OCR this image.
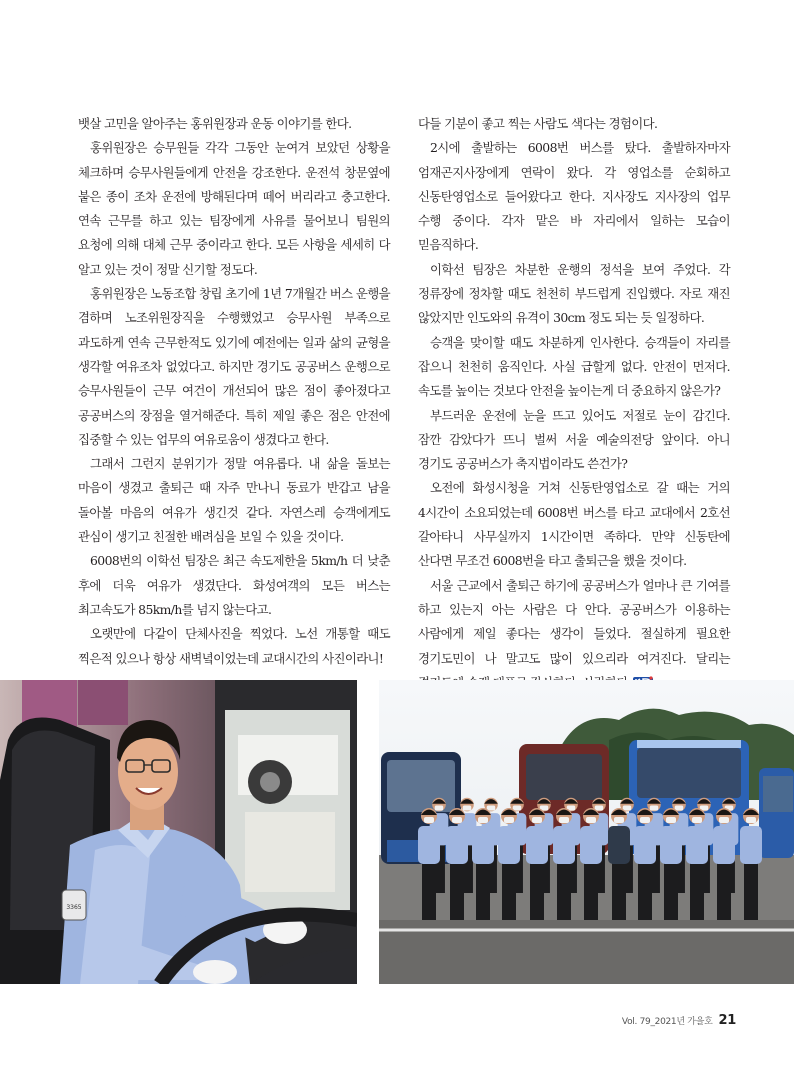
뱃살 고민을 알아주는 홍위원장과 운동 이야기를 한다.

홍위원장은 승무원들 각각 그동안 눈여겨 보았던 상황을 체크하며 승무사원들에게 안전을 강조한다. 운전석 창문옆에 붙은 종이 조차 운전에 방해된다며 떼어 버리라고 충고한다. 연속 근무를 하고 있는 팀장에게 사유를 물어보니 팀원의 요청에 의해 대체 근무 중이라고 한다. 모든 사항을 세세히 다 알고 있는 것이 정말 신기할 정도다.

홍위원장은 노동조합 창립 초기에 1년 7개월간 버스 운행을 겸하며 노조위원장직을 수행했었고 승무사원 부족으로 과도하게 연속 근무한적도 있기에 예전에는 일과 삶의 균형을 생각할 여유조차 없었다고. 하지만 경기도 공공버스 운행으로 승무사원들이 근무 여건이 개선되어 많은 점이 좋아졌다고 공공버스의 장점을 열거해준다. 특히 제일 좋은 점은 안전에 집중할 수 있는 업무의 여유로움이 생겼다고 한다.

그래서 그런지 분위기가 정말 여유롭다. 내 삶을 돌보는 마음이 생겼고 출퇴근 때 자주 만나니 동료가 반갑고 남을 돌아볼 마음의 여유가 생긴것 같다. 자연스레 승객에게도 관심이 생기고 친절한 배려심을 보일 수 있을 것이다.

6008번의 이학선 팀장은 최근 속도제한을 5km/h 더 낮춘 후에 더욱 여유가 생겼단다. 화성여객의 모든 버스는 최고속도가 85km/h를 넘지 않는다고.

오랫만에 다같이 단체사진을 찍었다. 노선 개통할 때도 찍은적 있으나 항상 새벽녘이었는데 교대시간의 사진이라니!

다들 기분이 좋고 찍는 사람도 색다는 경험이다.

2시에 출발하는 6008번 버스를 탔다. 출발하자마자 엄재곤지사장에게 연락이 왔다. 각 영업소를 순회하고 신동탄영업소로 들어왔다고 한다. 지사장도 지사장의 업무 수행 중이다. 각자 맡은 바 자리에서 일하는 모습이 믿음직하다.

이학선 팀장은 차분한 운행의 정석을 보여 주었다. 각 정류장에 정차할 때도 천천히 부드럽게 진입했다. 자로 재진 않았지만 인도와의 유격이 30cm 정도 되는 듯 일정하다.

승객을 맞이할 때도 차분하게 인사한다. 승객들이 자리를 잡으니 천천히 움직인다. 사실 급할게 없다. 안전이 먼저다. 속도를 높이는 것보다 안전을 높이는게 더 중요하지 않은가?

부드러운 운전에 눈을 뜨고 있어도 저절로 눈이 감긴다. 잠깐 감았다가 뜨니 벌써 서울 예술의전당 앞이다. 아니 경기도 공공버스가 축지법이라도 쓴건가?

오전에 화성시청을 거쳐 신동탄영업소로 갈 때는 거의 4시간이 소요되었는데 6008번 버스를 타고 교대에서 2호선 갈아타니 사무실까지 1시간이면 족하다. 만약 신동탄에 산다면 무조건 6008번을 타고 출퇴근을 했을 것이다.

서울 근교에서 출퇴근 하기에 공공버스가 얼마나 큰 기여를 하고 있는지 아는 사람은 다 안다. 공공버스가 이용하는 사람에게 제일 좋다는 생각이 들었다. 절실하게 필요한 경기도민이 나 말고도 많이 있으리라 여겨진다. 달리는

3365
Vol. 79_2021년 가을호 21
